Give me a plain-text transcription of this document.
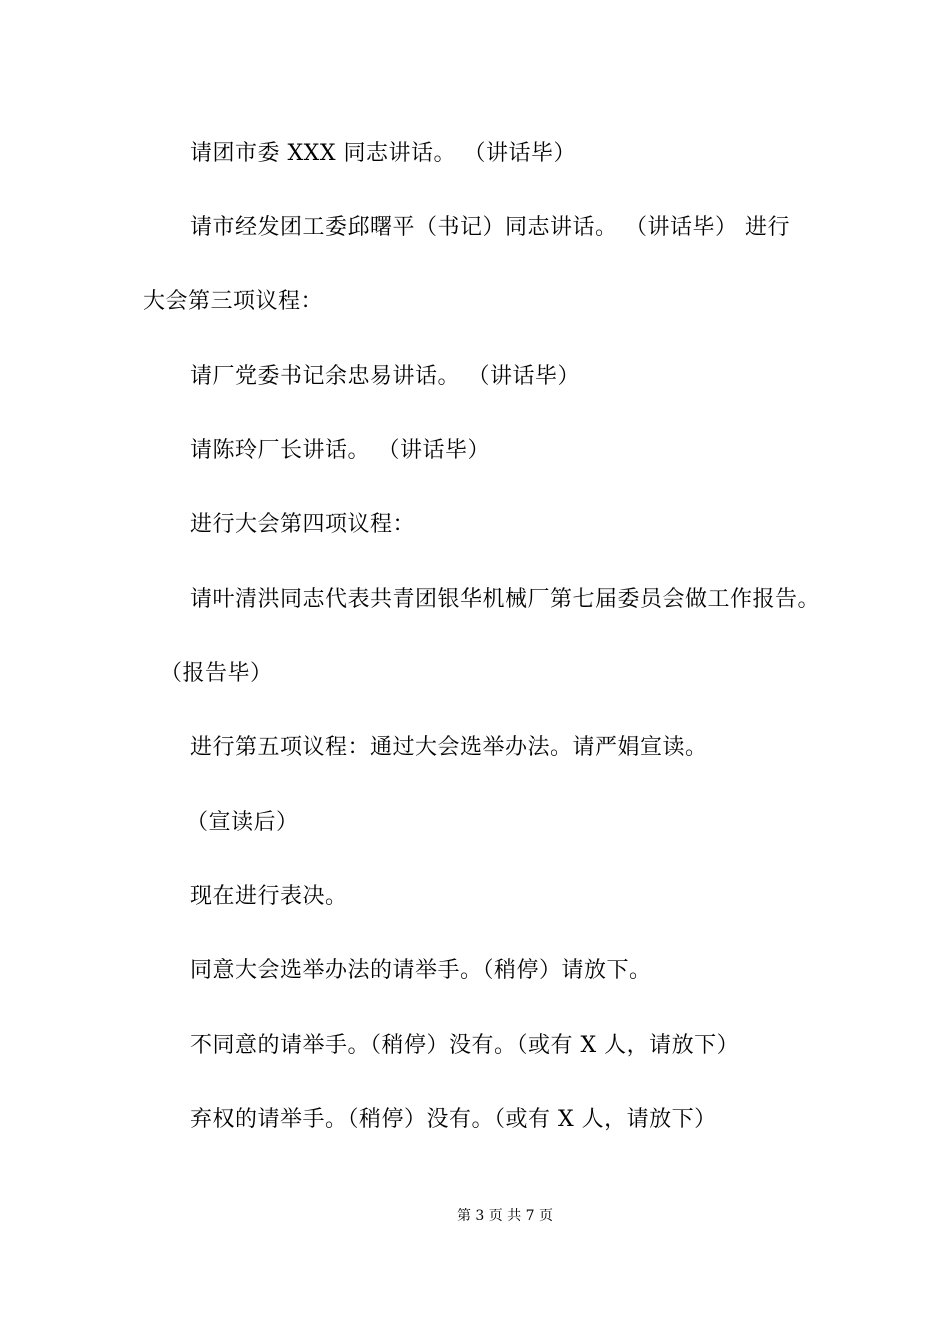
请团市委 XXX 同志讲话。 （讲话毕）
请市经发团工委邱曙平（书记）同志讲话。 （讲话毕） 进行
大会第三项议程：
请厂党委书记余忠易讲话。 （讲话毕）
请陈玲厂长讲话。 （讲话毕）
进行大会第四项议程：
请叶清洪同志代表共青团银华机械厂第七届委员会做工作报告。
（报告毕）
进行第五项议程：通过大会选举办法。请严娟宣读。
（宣读后）
现在进行表决。
同意大会选举办法的请举手。（稍停）请放下。
不同意的请举手。（稍停）没有。（或有 X 人，请放下）
弃权的请举手。（稍停）没有。（或有 X 人，请放下）
第 3 页 共 7 页
